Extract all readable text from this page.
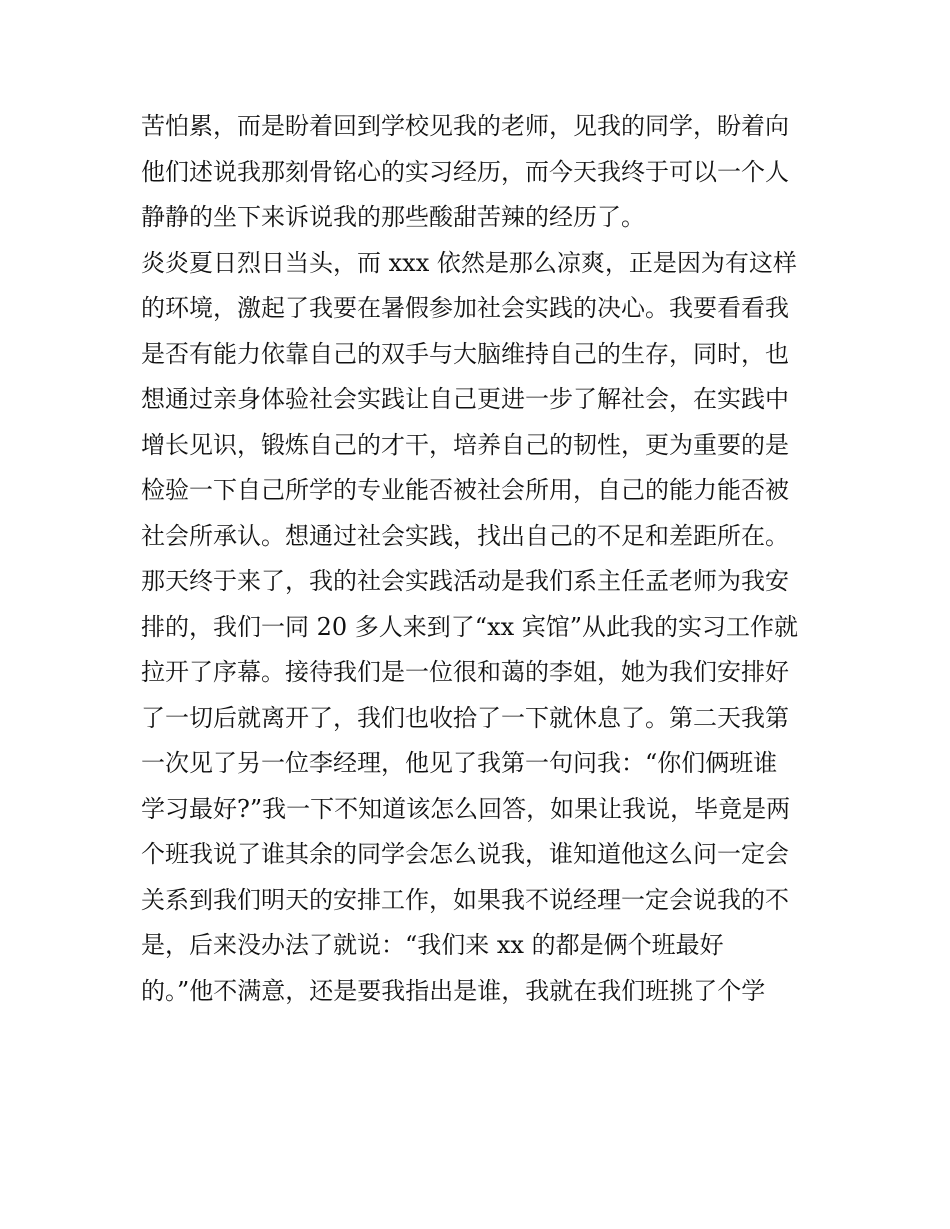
苦怕累，而是盼着回到学校见我的老师，见我的同学，盼着向
他们述说我那刻骨铭心的实习经历，而今天我终于可以一个人
静静的坐下来诉说我的那些酸甜苦辣的经历了。
炎炎夏日烈日当头，而 xxx 依然是那么凉爽，正是因为有这样
的环境，激起了我要在暑假参加社会实践的决心。我要看看我
是否有能力依靠自己的双手与大脑维持自己的生存，同时，也
想通过亲身体验社会实践让自己更进一步了解社会，在实践中
增长见识，锻炼自己的才干，培养自己的韧性，更为重要的是
检验一下自己所学的专业能否被社会所用，自己的能力能否被
社会所承认。想通过社会实践，找出自己的不足和差距所在。
那天终于来了，我的社会实践活动是我们系主任孟老师为我安
排的，我们一同 20 多人来到了“xx 宾馆”从此我的实习工作就
拉开了序幕。接待我们是一位很和蔼的李姐，她为我们安排好
了一切后就离开了，我们也收拾了一下就休息了。第二天我第
一次见了另一位李经理，他见了我第一句问我：“你们俩班谁
学习最好?”我一下不知道该怎么回答，如果让我说，毕竟是两
个班我说了谁其余的同学会怎么说我，谁知道他这么问一定会
关系到我们明天的安排工作，如果我不说经理一定会说我的不
是，后来没办法了就说：“我们来 xx 的都是俩个班最好
的。”他不满意，还是要我指出是谁，我就在我们班挑了个学
